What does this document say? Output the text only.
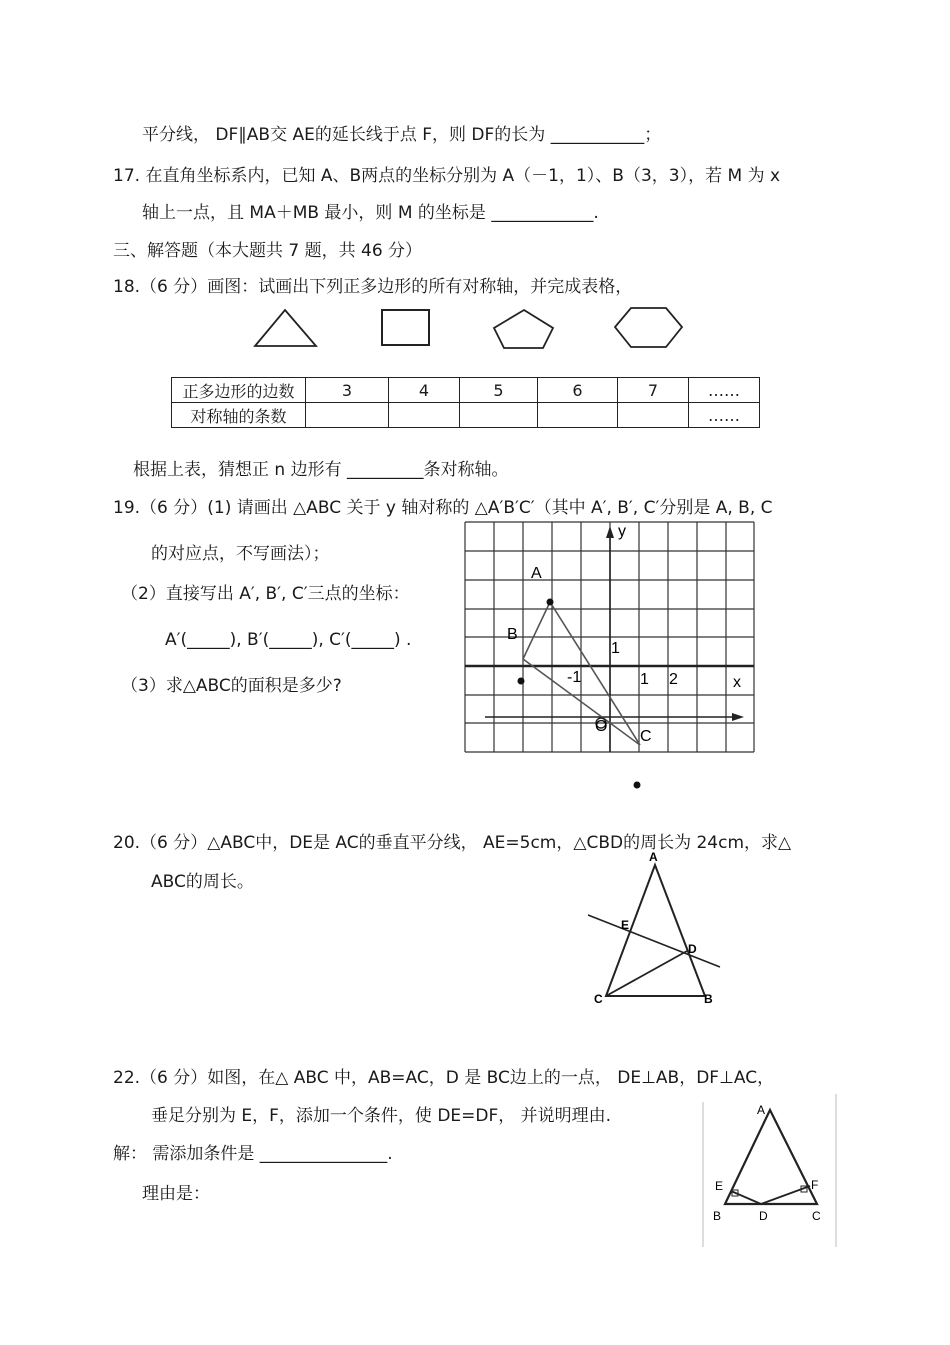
平分线， DF∥AB交 AE的延长线于点 F，则 DF的长为 ___________；
17. 在直角坐标系内，已知 A、B两点的坐标分别为 A（－1，1）、B（3，3），若 M 为 x
轴上一点，且 MA＋MB 最小，则 M 的坐标是 ____________.
三、解答题（本大题共 7 题，共 46 分）
18.（6 分）画图：试画出下列正多边形的所有对称轴，并完成表格，
正多边形的边数	3	4	5	6	7	……
对称轴的条数						……
根据上表，猜想正 n 边形有 _________条对称轴。
19.（6 分）(1) 请画出 △ABC 关于 y 轴对称的 △A′B′C′（其中 A′, B′, C′分别是 A, B, C
的对应点，不写画法）；
（2）直接写出 A′, B′, C′三点的坐标：
A′(_____), B′(_____), C′(_____) .
（3）求△ABC的面积是多少?
y
A
B
1
-1	1 2	x
O
C
20.（6 分）△ABC中，DE是 AC的垂直平分线， AE=5cm，△CBD的周长为 24cm，求△
ABC的周长。
A
E
D
C	B
22.（6 分）如图，在△ ABC 中，AB=AC，D 是 BC边上的一点， DE⊥AB，DF⊥AC，
垂足分别为 E，F，添加一个条件，使 DE=DF， 并说明理由.
解： 需添加条件是 _______________.
理由是：
A
E	F
B	D	C
